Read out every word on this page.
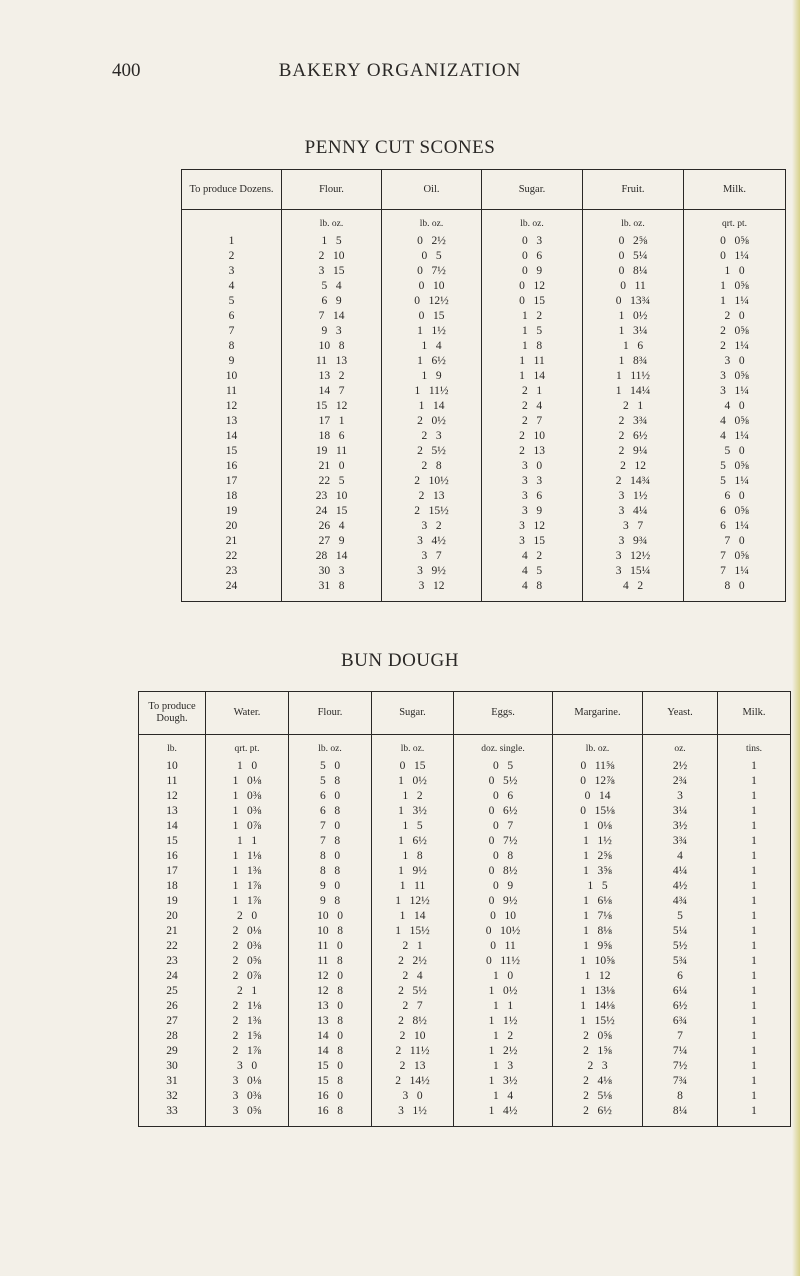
400	BAKERY ORGANIZATION
PENNY CUT SCONES
To produce Dozens.	Flour.	Oil.	Sugar.	Fruit.	Milk.
	lb. oz.	lb. oz.	lb. oz.	lb. oz.	qrt. pt.
1	1   5	0   2½	0   3	0   2⅝	0   0⅝
2	2   10	0   5	0   6	0   5¼	0   1¼
3	3   15	0   7½	0   9	0   8¼	1   0
4	5   4	0   10	0   12	0   11	1   0⅝
5	6   9	0   12½	0   15	0   13¾	1   1¼
6	7   14	0   15	1   2	1   0½	2   0
7	9   3	1   1½	1   5	1   3¼	2   0⅝
8	10   8	1   4	1   8	1   6	2   1¼
9	11   13	1   6½	1   11	1   8¾	3   0
10	13   2	1   9	1   14	1   11½	3   0⅝
11	14   7	1   11½	2   1	1   14¼	3   1¼
12	15   12	1   14	2   4	2   1	4   0
13	17   1	2   0½	2   7	2   3¾	4   0⅝
14	18   6	2   3	2   10	2   6½	4   1¼
15	19   11	2   5½	2   13	2   9¼	5   0
16	21   0	2   8	3   0	2   12	5   0⅝
17	22   5	2   10½	3   3	2   14¾	5   1¼
18	23   10	2   13	3   6	3   1½	6   0
19	24   15	2   15½	3   9	3   4¼	6   0⅝
20	26   4	3   2	3   12	3   7	6   1¼
21	27   9	3   4½	3   15	3   9¾	7   0
22	28   14	3   7	4   2	3   12½	7   0⅝
23	30   3	3   9½	4   5	3   15¼	7   1¼
24	31   8	3   12	4   8	4   2	8   0

BUN DOUGH
To produce Dough.	Water.	Flour.	Sugar.	Eggs.	Margarine.	Yeast.	Milk.
lb.	qrt. pt.	lb. oz.	lb. oz.	doz. single.	lb. oz.	oz.	tins.
10	1   0	5   0	0   15	0   5	0   11⅝	2½	1
11	1   0⅛	5   8	1   0½	0   5½	0   12⅞	2¾	1
12	1   0⅜	6   0	1   2	0   6	0   14	3	1
13	1   0⅜	6   8	1   3½	0   6½	0   15⅛	3¼	1
14	1   0⅞	7   0	1   5	0   7	1   0⅛	3½	1
15	1   1	7   8	1   6½	0   7½	1   1½	3¾	1
16	1   1⅛	8   0	1   8	0   8	1   2⅝	4	1
17	1   1⅜	8   8	1   9½	0   8½	1   3⅝	4¼	1
18	1   1⅞	9   0	1   11	0   9	1   5	4½	1
19	1   1⅞	9   8	1   12½	0   9½	1   6⅛	4¾	1
20	2   0	10   0	1   14	0   10	1   7⅛	5	1
21	2   0⅛	10   8	1   15½	0   10½	1   8⅛	5¼	1
22	2   0⅜	11   0	2   1	0   11	1   9⅝	5½	1
23	2   0⅝	11   8	2   2½	0   11½	1   10⅝	5¾	1
24	2   0⅞	12   0	2   4	1   0	1   12	6	1
25	2   1	12   8	2   5½	1   0½	1   13⅛	6¼	1
26	2   1⅛	13   0	2   7	1   1	1   14⅛	6½	1
27	2   1⅜	13   8	2   8½	1   1½	1   15½	6¾	1
28	2   1⅝	14   0	2   10	1   2	2   0⅝	7	1
29	2   1⅞	14   8	2   11½	1   2½	2   1⅝	7¼	1
30	3   0	15   0	2   13	1   3	2   3	7½	1
31	3   0⅛	15   8	2   14½	1   3½	2   4⅛	7¾	1
32	3   0⅜	16   0	3   0	1   4	2   5⅛	8	1
33	3   0⅝	16   8	3   1½	1   4½	2   6½	8¼	1
